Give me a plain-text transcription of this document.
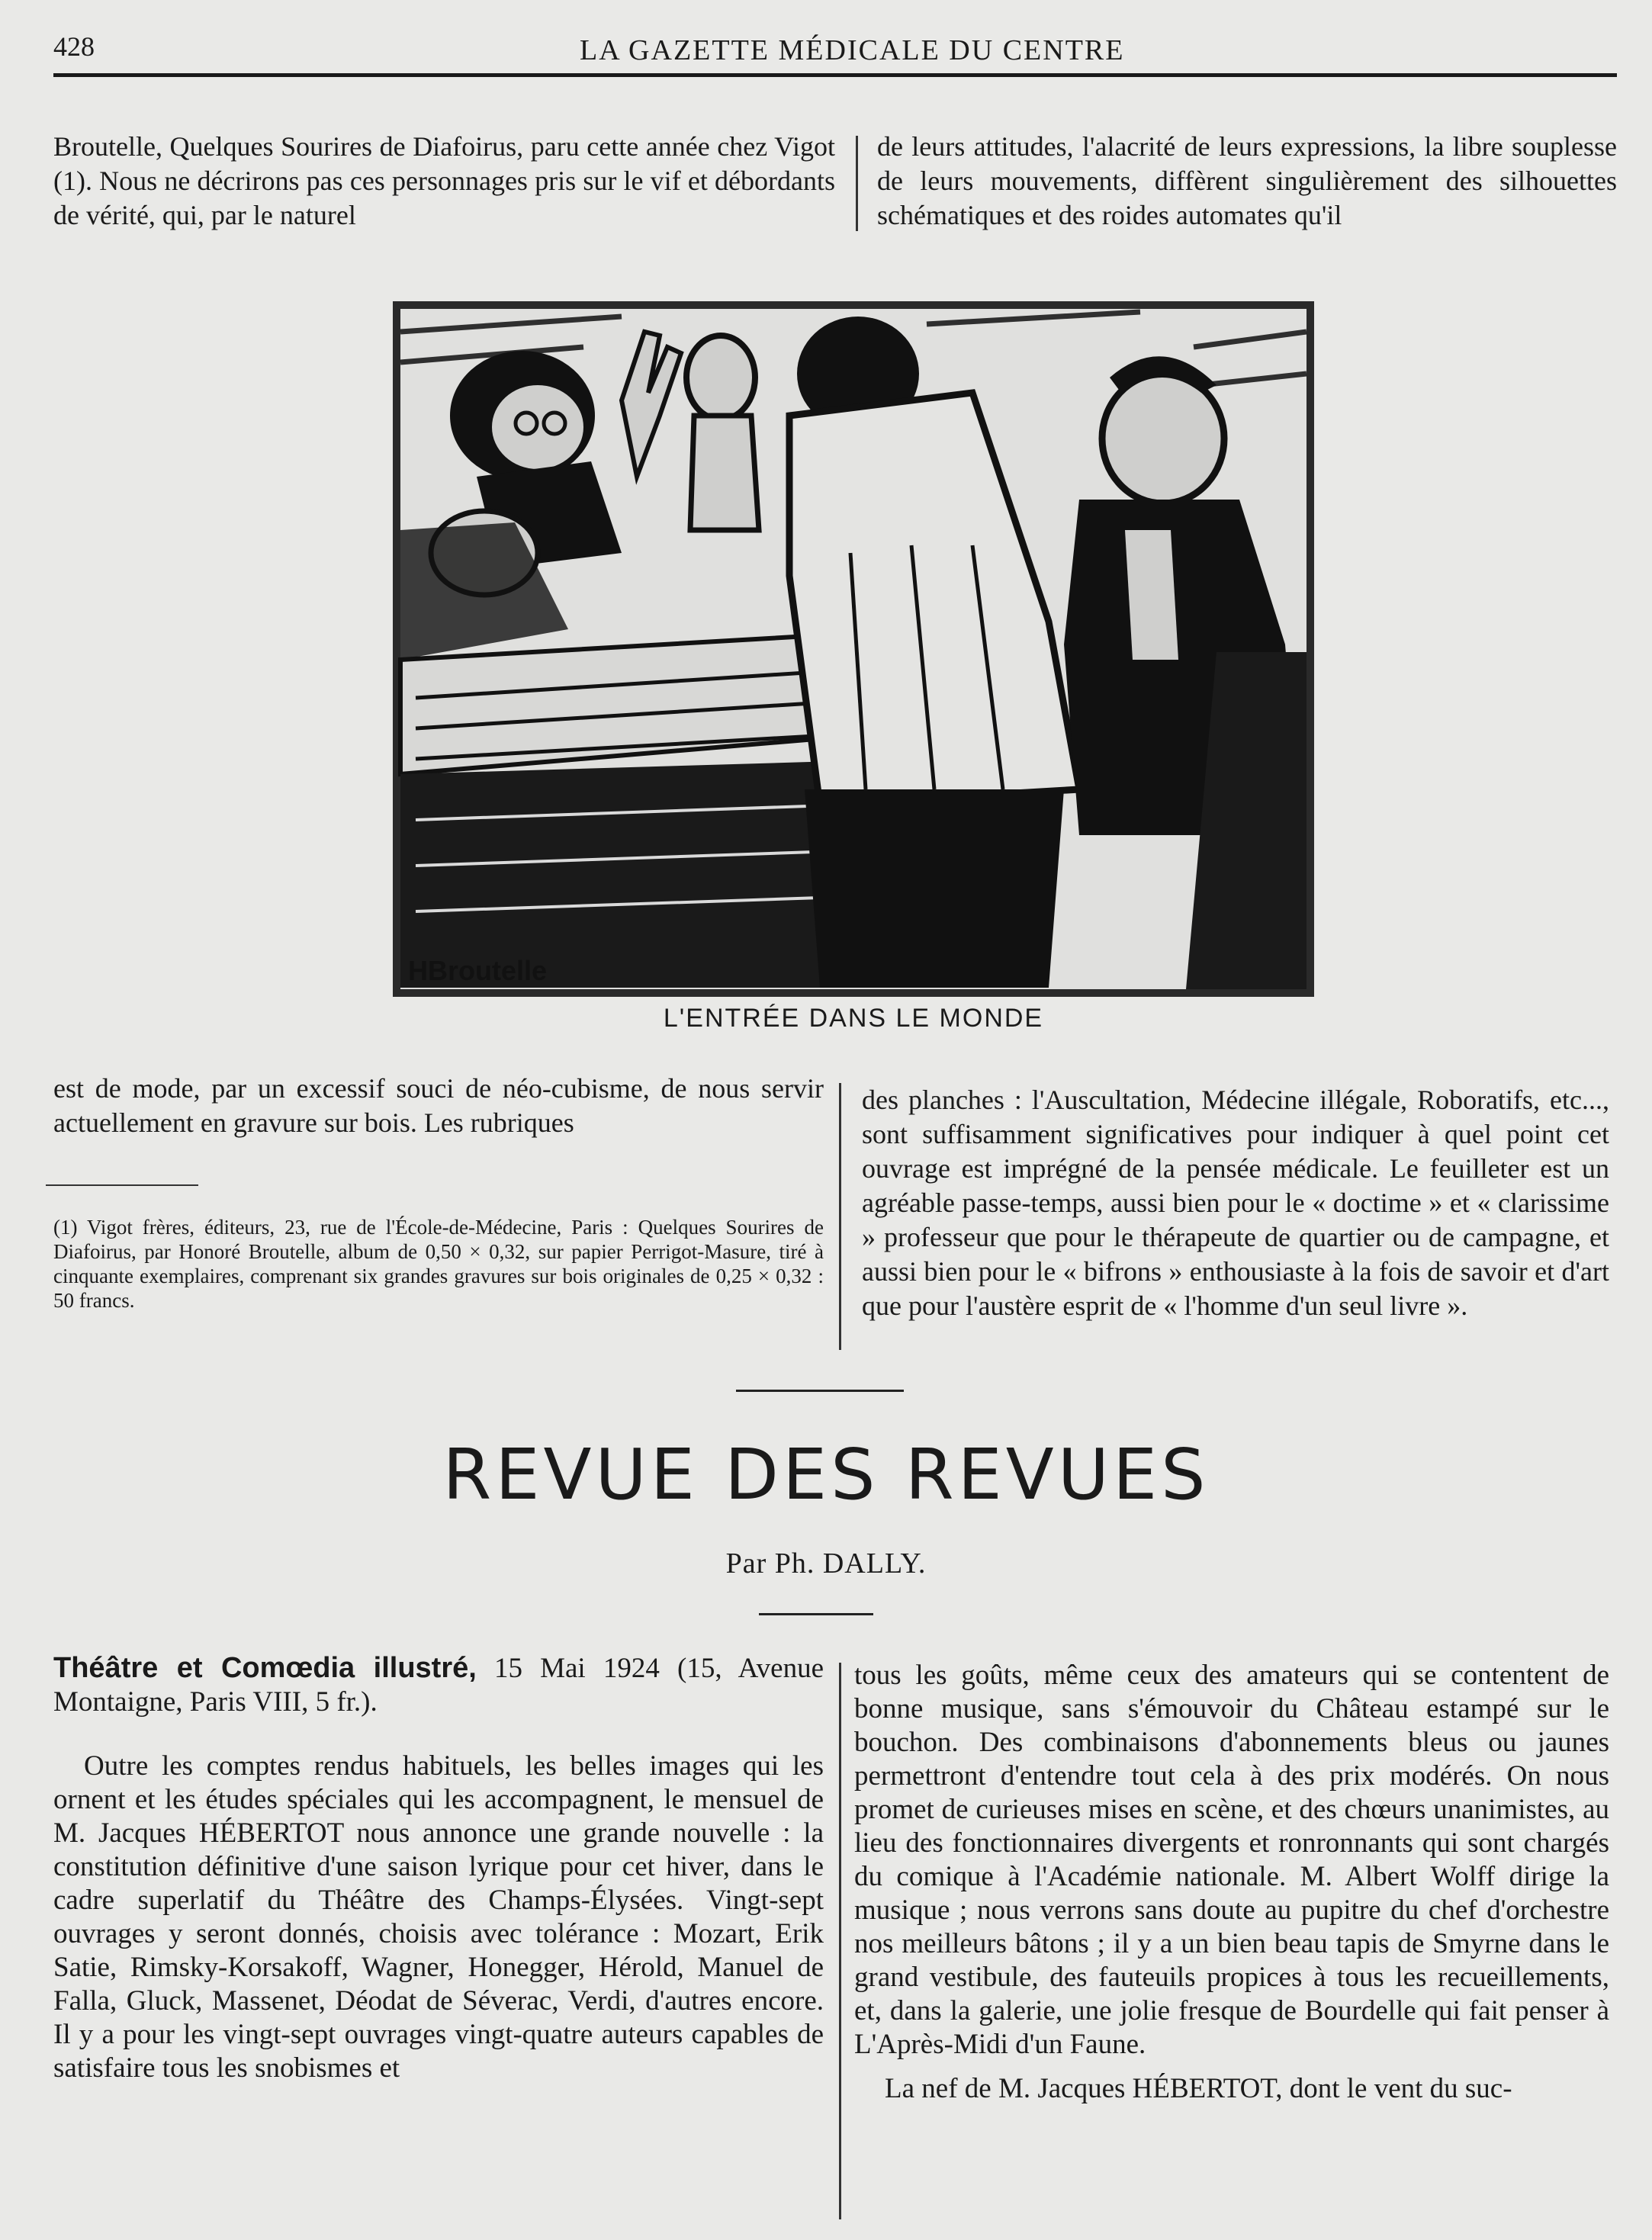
428	LA GAZETTE MÉDICALE DU CENTRE

Broutelle, Quelques Sourires de Diafoirus, paru cette année chez Vigot (1). Nous ne décrirons pas ces personnages pris sur le vif et débordants de vérité, qui, par le naturel

de leurs attitudes, l'alacrité de leurs expressions, la libre souplesse de leurs mouvements, diffèrent singulièrement des silhouettes schématiques et des roides automates qu'il

HBroutelle
L'ENTRÉE DANS LE MONDE

est de mode, par un excessif souci de néo-cubisme, de nous servir actuellement en gravure sur bois. Les rubriques

(1) Vigot frères, éditeurs, 23, rue de l'École-de-Médecine, Paris : Quelques Sourires de Diafoirus, par Honoré Broutelle, album de 0,50 × 0,32, sur papier Perrigot-Masure, tiré à cinquante exemplaires, comprenant six grandes gravures sur bois originales de 0,25 × 0,32 : 50 francs.

des planches : l'Auscultation, Médecine illégale, Roboratifs, etc..., sont suffisamment significatives pour indiquer à quel point cet ouvrage est imprégné de la pensée médicale. Le feuilleter est un agréable passe-temps, aussi bien pour le « doctime » et « clarissime » professeur que pour le thérapeute de quartier ou de campagne, et aussi bien pour le « bifrons » enthousiaste à la fois de savoir et d'art que pour l'austère esprit de « l'homme d'un seul livre ».

REVUE DES REVUES
Par Ph. DALLY.

Théâtre et Comœdia illustré, 15 Mai 1924 (15, Avenue Montaigne, Paris VIII, 5 fr.).

Outre les comptes rendus habituels, les belles images qui les ornent et les études spéciales qui les accompagnent, le mensuel de M. Jacques HÉBERTOT nous annonce une grande nouvelle : la constitution définitive d'une saison lyrique pour cet hiver, dans le cadre superlatif du Théâtre des Champs-Élysées. Vingt-sept ouvrages y seront donnés, choisis avec tolérance : Mozart, Erik Satie, Rimsky-Korsakoff, Wagner, Honegger, Hérold, Manuel de Falla, Gluck, Massenet, Déodat de Séverac, Verdi, d'autres encore. Il y a pour les vingt-sept ouvrages vingt-quatre auteurs capables de satisfaire tous les snobismes et

tous les goûts, même ceux des amateurs qui se contentent de bonne musique, sans s'émouvoir du Château estampé sur le bouchon. Des combinaisons d'abonnements bleus ou jaunes permettront d'entendre tout cela à des prix modérés. On nous promet de curieuses mises en scène, et des chœurs unanimistes, au lieu des fonctionnaires divergents et ronronnants qui sont chargés du comique à l'Académie nationale. M. Albert Wolff dirige la musique ; nous verrons sans doute au pupitre du chef d'orchestre nos meilleurs bâtons ; il y a un bien beau tapis de Smyrne dans le grand vestibule, des fauteuils propices à tous les recueillements, et, dans la galerie, une jolie fresque de Bourdelle qui fait penser à L'Après-Midi d'un Faune.

La nef de M. Jacques HÉBERTOT, dont le vent du suc-
